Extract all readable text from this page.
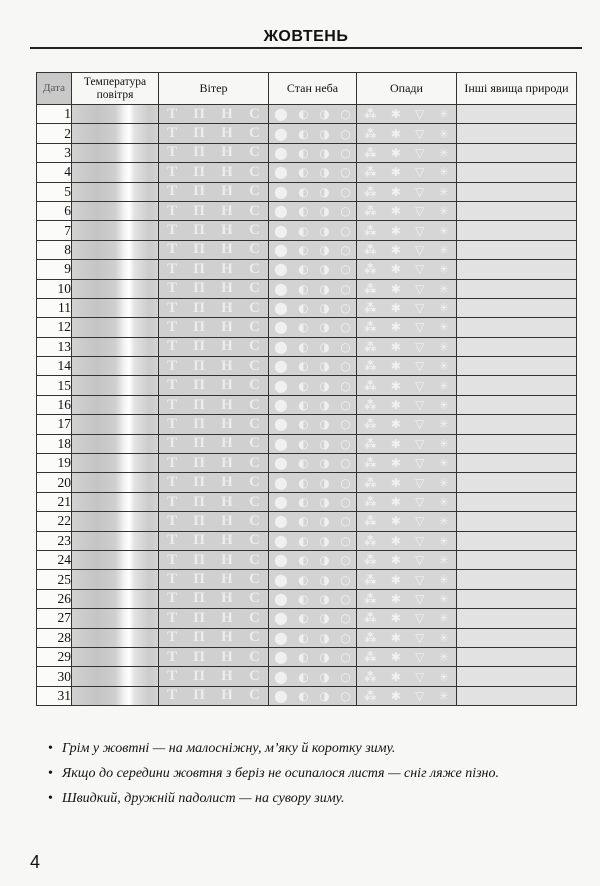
ЖОВТЕНЬ
Дата	Температура повітря	Вітер	Стан неба	Опади	Інші явища природи
1		Т П Н С	⬤ ◐ ◑ ○	⁂ ✱ ▽ ✳	

2		Т П Н С	⬤ ◐ ◑ ○	⁂ ✱ ▽ ✳	

3		Т П Н С	⬤ ◐ ◑ ○	⁂ ✱ ▽ ✳	

4		Т П Н С	⬤ ◐ ◑ ○	⁂ ✱ ▽ ✳	

5		Т П Н С	⬤ ◐ ◑ ○	⁂ ✱ ▽ ✳	

6		Т П Н С	⬤ ◐ ◑ ○	⁂ ✱ ▽ ✳	

7		Т П Н С	⬤ ◐ ◑ ○	⁂ ✱ ▽ ✳	

8		Т П Н С	⬤ ◐ ◑ ○	⁂ ✱ ▽ ✳	

9		Т П Н С	⬤ ◐ ◑ ○	⁂ ✱ ▽ ✳	

10		Т П Н С	⬤ ◐ ◑ ○	⁂ ✱ ▽ ✳	

11		Т П Н С	⬤ ◐ ◑ ○	⁂ ✱ ▽ ✳	

12		Т П Н С	⬤ ◐ ◑ ○	⁂ ✱ ▽ ✳	

13		Т П Н С	⬤ ◐ ◑ ○	⁂ ✱ ▽ ✳	

14		Т П Н С	⬤ ◐ ◑ ○	⁂ ✱ ▽ ✳	

15		Т П Н С	⬤ ◐ ◑ ○	⁂ ✱ ▽ ✳	

16		Т П Н С	⬤ ◐ ◑ ○	⁂ ✱ ▽ ✳	

17		Т П Н С	⬤ ◐ ◑ ○	⁂ ✱ ▽ ✳	

18		Т П Н С	⬤ ◐ ◑ ○	⁂ ✱ ▽ ✳	

19		Т П Н С	⬤ ◐ ◑ ○	⁂ ✱ ▽ ✳	

20		Т П Н С	⬤ ◐ ◑ ○	⁂ ✱ ▽ ✳	

21		Т П Н С	⬤ ◐ ◑ ○	⁂ ✱ ▽ ✳	

22		Т П Н С	⬤ ◐ ◑ ○	⁂ ✱ ▽ ✳	

23		Т П Н С	⬤ ◐ ◑ ○	⁂ ✱ ▽ ✳	

24		Т П Н С	⬤ ◐ ◑ ○	⁂ ✱ ▽ ✳	

25		Т П Н С	⬤ ◐ ◑ ○	⁂ ✱ ▽ ✳	

26		Т П Н С	⬤ ◐ ◑ ○	⁂ ✱ ▽ ✳	

27		Т П Н С	⬤ ◐ ◑ ○	⁂ ✱ ▽ ✳	

28		Т П Н С	⬤ ◐ ◑ ○	⁂ ✱ ▽ ✳	

29		Т П Н С	⬤ ◐ ◑ ○	⁂ ✱ ▽ ✳	

30		Т П Н С	⬤ ◐ ◑ ○	⁂ ✱ ▽ ✳	

31		Т П Н С	⬤ ◐ ◑ ○	⁂ ✱ ▽ ✳	

• Грім у жовтні — на малосніжну, м’яку й коротку зиму.
• Якщо до середини жовтня з беріз не осипалося листя — сніг ляже пізно.
• Швидкий, дружній падолист — на сувору зиму.
4
